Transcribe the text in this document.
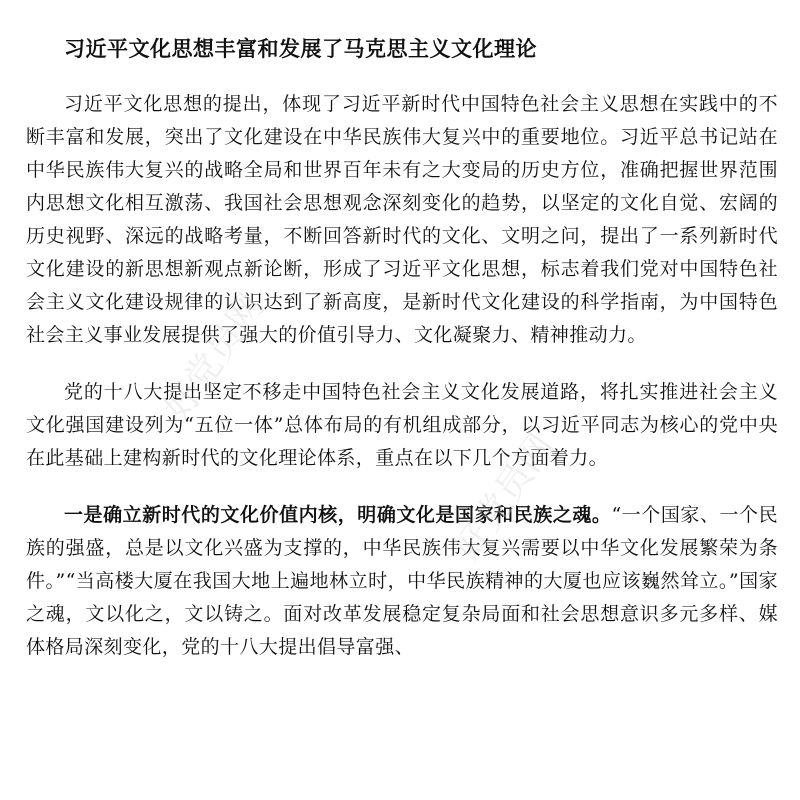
习近平文化思想丰富和发展了马克思主义文化理论

习近平文化思想的提出，体现了习近平新时代中国特色社会主义思想在实践中的不断丰富和发展，突出了文化建设在中华民族伟大复兴中的重要地位。习近平总书记站在中华民族伟大复兴的战略全局和世界百年未有之大变局的历史方位，准确把握世界范围内思想文化相互激荡、我国社会思想观念深刻变化的趋势，以坚定的文化自觉、宏阔的历史视野、深远的战略考量，不断回答新时代的文化、文明之问，提出了一系列新时代文化建设的新思想新观点新论断，形成了习近平文化思想，标志着我们党对中国特色社会主义文化建设规律的认识达到了新高度，是新时代文化建设的科学指南，为中国特色社会主义事业发展提供了强大的价值引导力、文化凝聚力、精神推动力。

党的十八大提出坚定不移走中国特色社会主义文化发展道路，将扎实推进社会主义文化强国建设列为“五位一体”总体布局的有机组成部分，以习近平同志为核心的党中央在此基础上建构新时代的文化理论体系，重点在以下几个方面着力。

一是确立新时代的文化价值内核，明确文化是国家和民族之魂。“一个国家、一个民族的强盛，总是以文化兴盛为支撑的，中华民族伟大复兴需要以中华文化发展繁荣为条件。”“当高楼大厦在我国大地上遍地林立时，中华民族精神的大厦也应该巍然耸立。”国家之魂，文以化之，文以铸之。面对改革发展稳定复杂局面和社会思想意识多元多样、媒体格局深刻变化，党的十八大提出倡导富强、

好党员网
好党员网
